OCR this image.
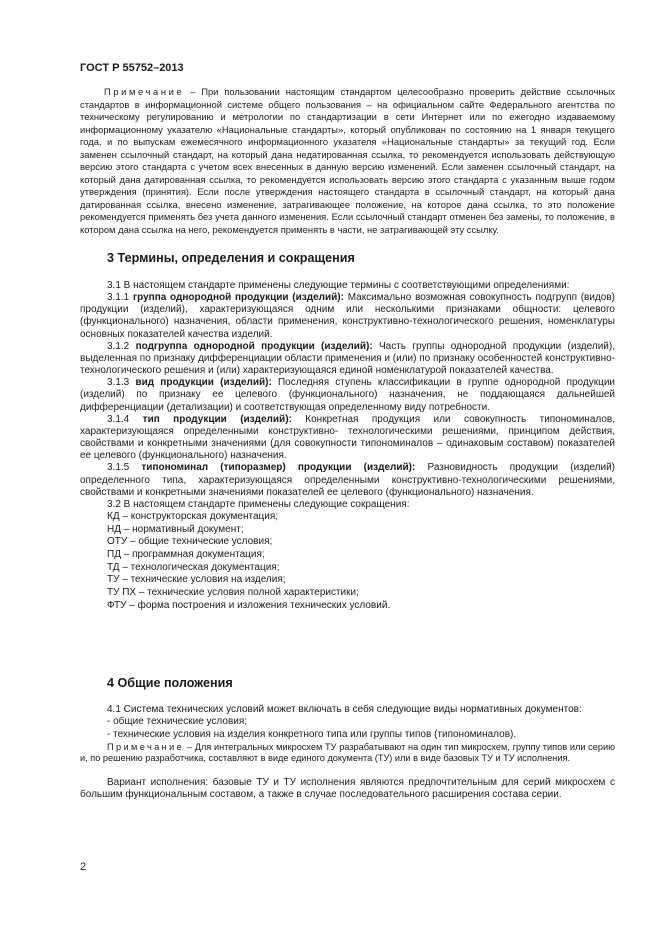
ГОСТ Р 55752–2013

Примечание – При пользовании настоящим стандартом целесообразно проверить действие ссылочных стандартов в информационной системе общего пользования – на официальном сайте Федерального агентства по техническому регулированию и метрологии по стандартизации в сети Интернет или по ежегодно издаваемому информационному указателю «Национальные стандарты», который опубликован по состоянию на 1 января текущего года, и по выпускам ежемесячного информационного указателя «Национальные стандарты» за текущий год. Если заменен ссылочный стандарт, на который дана недатированная ссылка, то рекомендуется использовать действующую версию этого стандарта с учетом всех внесенных в данную версию изменений. Если заменен ссылочный стандарт, на который дана датированная ссылка, то рекомендуется использовать версию этого стандарта с указанным выше годом утверждения (принятия). Если после утверждения настоящего стандарта в ссылочный стандарт, на который дана датированная ссылка, внесено изменение, затрагивающее положение, на которое дана ссылка, то это положение рекомендуется применять без учета данного изменения. Если ссылочный стандарт отменен без замены, то положение, в котором дана ссылка на него, рекомендуется применять в части, не затрагивающей эту ссылку.

3 Термины, определения и сокращения

3.1 В настоящем стандарте применены следующие термины с соответствующими определениями:

3.1.1 группа однородной продукции (изделий): Максимально возможная совокупность подгрупп (видов) продукции (изделий), характеризующаяся одним или несколькими признаками общности: целевого (функционального) назначения, области применения, конструктивно-технологического решения, номенклатуры основных показателей качества изделий.

3.1.2 подгруппа однородной продукции (изделий): Часть группы однородной продукции (изделий), выделенная по признаку дифференциации области применения и (или) по признаку особенностей конструктивно-технологического решения и (или) характеризующаяся единой номенклатурой показателей качества.

3.1.3 вид продукции (изделий): Последняя ступень классификации в группе однородной продукции (изделий) по признаку ее целевого (функционального) назначения, не поддающаяся дальнейшей дифференциации (детализации) и соответствующая определенному виду потребности.

3.1.4 тип продукции (изделий): Конкретная продукция или совокупность типономиналов, характеризующаяся определенными конструктивно- технологическими решениями, принципом действия, свойствами и конкретными значениями (для совокупности типономиналов – одинаковым составом) показателей ее целевого (функционального) назначения.

3.1.5 типономинал (типоразмер) продукции (изделий): Разновидность продукции (изделий) определенного типа, характеризующаяся определенными конструктивно-технологическими решениями, свойствами и конкретными значениями показателей ее целевого (функционального) назначения.

3.2 В настоящем стандарте применены следующие сокращения:

КД – конструкторская документация;

НД – нормативный документ;

ОТУ – общие технические условия;

ПД – программная документация;

ТД – технологическая документация;

ТУ – технические условия на изделия;

ТУ ПХ – технические условия полной характеристики;

ФТУ – форма построения и изложения технических условий.

4 Общие положения

4.1 Система технических условий может включать в себя следующие виды нормативных документов:

- общие технические условия;

- технические условия на изделия конкретного типа или группы типов (типономиналов).

Примечание – Для интегральных микросхем ТУ разрабатывают на один тип микросхем, группу типов или серию и, по решению разработчика, составляют в виде единого документа (ТУ) или в виде базовых ТУ и ТУ исполнения.

Вариант исполнения: базовые ТУ и ТУ исполнения являются предпочтительным для серий микросхем с большим функциональным составом, а также в случае последовательного расширения состава серии.

2
